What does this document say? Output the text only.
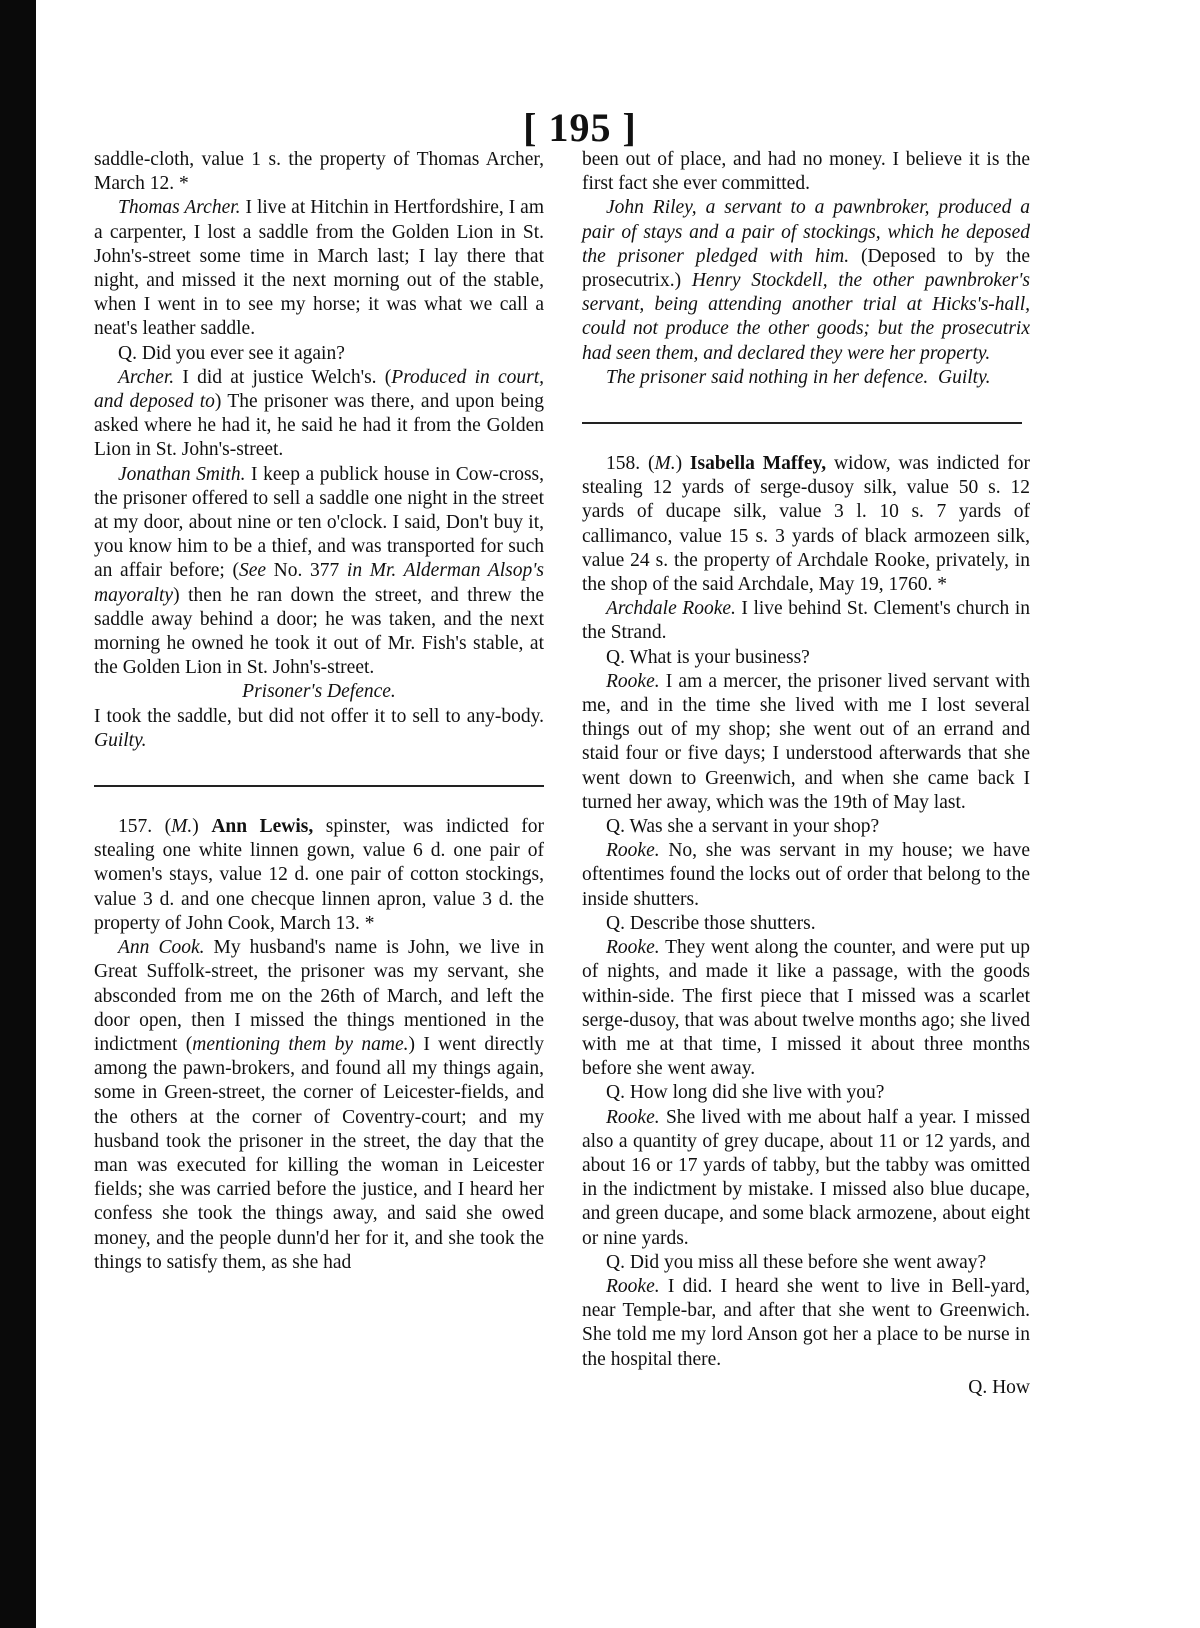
[ 195 ]

saddle-cloth, value 1 s. the property of Thomas Archer, March 12. *

Thomas Archer. I live at Hitchin in Hertfordshire, I am a carpenter, I lost a saddle from the Golden Lion in St. John's-street some time in March last; I lay there that night, and missed it the next morning out of the stable, when I went in to see my horse; it was what we call a neat's leather saddle.

Q. Did you ever see it again?

Archer. I did at justice Welch's. (Produced in court, and deposed to) The prisoner was there, and upon being asked where he had it, he said he had it from the Golden Lion in St. John's-street.

Jonathan Smith. I keep a publick house in Cow-cross, the prisoner offered to sell a saddle one night in the street at my door, about nine or ten o'clock. I said, Don't buy it, you know him to be a thief, and was transported for such an affair before; (See No. 377 in Mr. Alderman Alsop's mayoralty) then he ran down the street, and threw the saddle away behind a door; he was taken, and the next morning he owned he took it out of Mr. Fish's stable, at the Golden Lion in St. John's-street.

Prisoner's Defence.

I took the saddle, but did not offer it to sell to any-body. Guilty.

157. (M.) Ann Lewis, spinster, was indicted for stealing one white linnen gown, value 6 d. one pair of women's stays, value 12 d. one pair of cotton stockings, value 3 d. and one checque linnen apron, value 3 d. the property of John Cook, March 13. *

Ann Cook. My husband's name is John, we live in Great Suffolk-street, the prisoner was my servant, she absconded from me on the 26th of March, and left the door open, then I missed the things mentioned in the indictment (mentioning them by name.) I went directly among the pawn-brokers, and found all my things again, some in Green-street, the corner of Leicester-fields, and the others at the corner of Coventry-court; and my husband took the prisoner in the street, the day that the man was executed for killing the woman in Leicester fields; she was carried before the justice, and I heard her confess she took the things away, and said she owed money, and the people dunn'd her for it, and she took the things to satisfy them, as she had

been out of place, and had no money. I believe it is the first fact she ever committed.

John Riley, a servant to a pawnbroker, produced a pair of stays and a pair of stockings, which he deposed the prisoner pledged with him. (Deposed to by the prosecutrix.) Henry Stockdell, the other pawnbroker's servant, being attending another trial at Hicks's-hall, could not produce the other goods; but the prosecutrix had seen them, and declared they were her property.

The prisoner said nothing in her defence. Guilty.

158. (M.) Isabella Maffey, widow, was indicted for stealing 12 yards of serge-dusoy silk, value 50 s. 12 yards of ducape silk, value 3 l. 10 s. 7 yards of callimanco, value 15 s. 3 yards of black armozeen silk, value 24 s. the property of Archdale Rooke, privately, in the shop of the said Archdale, May 19, 1760. *

Archdale Rooke. I live behind St. Clement's church in the Strand.

Q. What is your business?

Rooke. I am a mercer, the prisoner lived servant with me, and in the time she lived with me I lost several things out of my shop; she went out of an errand and staid four or five days; I understood afterwards that she went down to Greenwich, and when she came back I turned her away, which was the 19th of May last.

Q. Was she a servant in your shop?

Rooke. No, she was servant in my house; we have oftentimes found the locks out of order that belong to the inside shutters.

Q. Describe those shutters.

Rooke. They went along the counter, and were put up of nights, and made it like a passage, with the goods within-side. The first piece that I missed was a scarlet serge-dusoy, that was about twelve months ago; she lived with me at that time, I missed it about three months before she went away.

Q. How long did she live with you?

Rooke. She lived with me about half a year. I missed also a quantity of grey ducape, about 11 or 12 yards, and about 16 or 17 yards of tabby, but the tabby was omitted in the indictment by mistake. I missed also blue ducape, and green ducape, and some black armozene, about eight or nine yards.

Q. Did you miss all these before she went away?

Rooke. I did. I heard she went to live in Bell-yard, near Temple-bar, and after that she went to Greenwich. She told me my lord Anson got her a place to be nurse in the hospital there.

Q. How
